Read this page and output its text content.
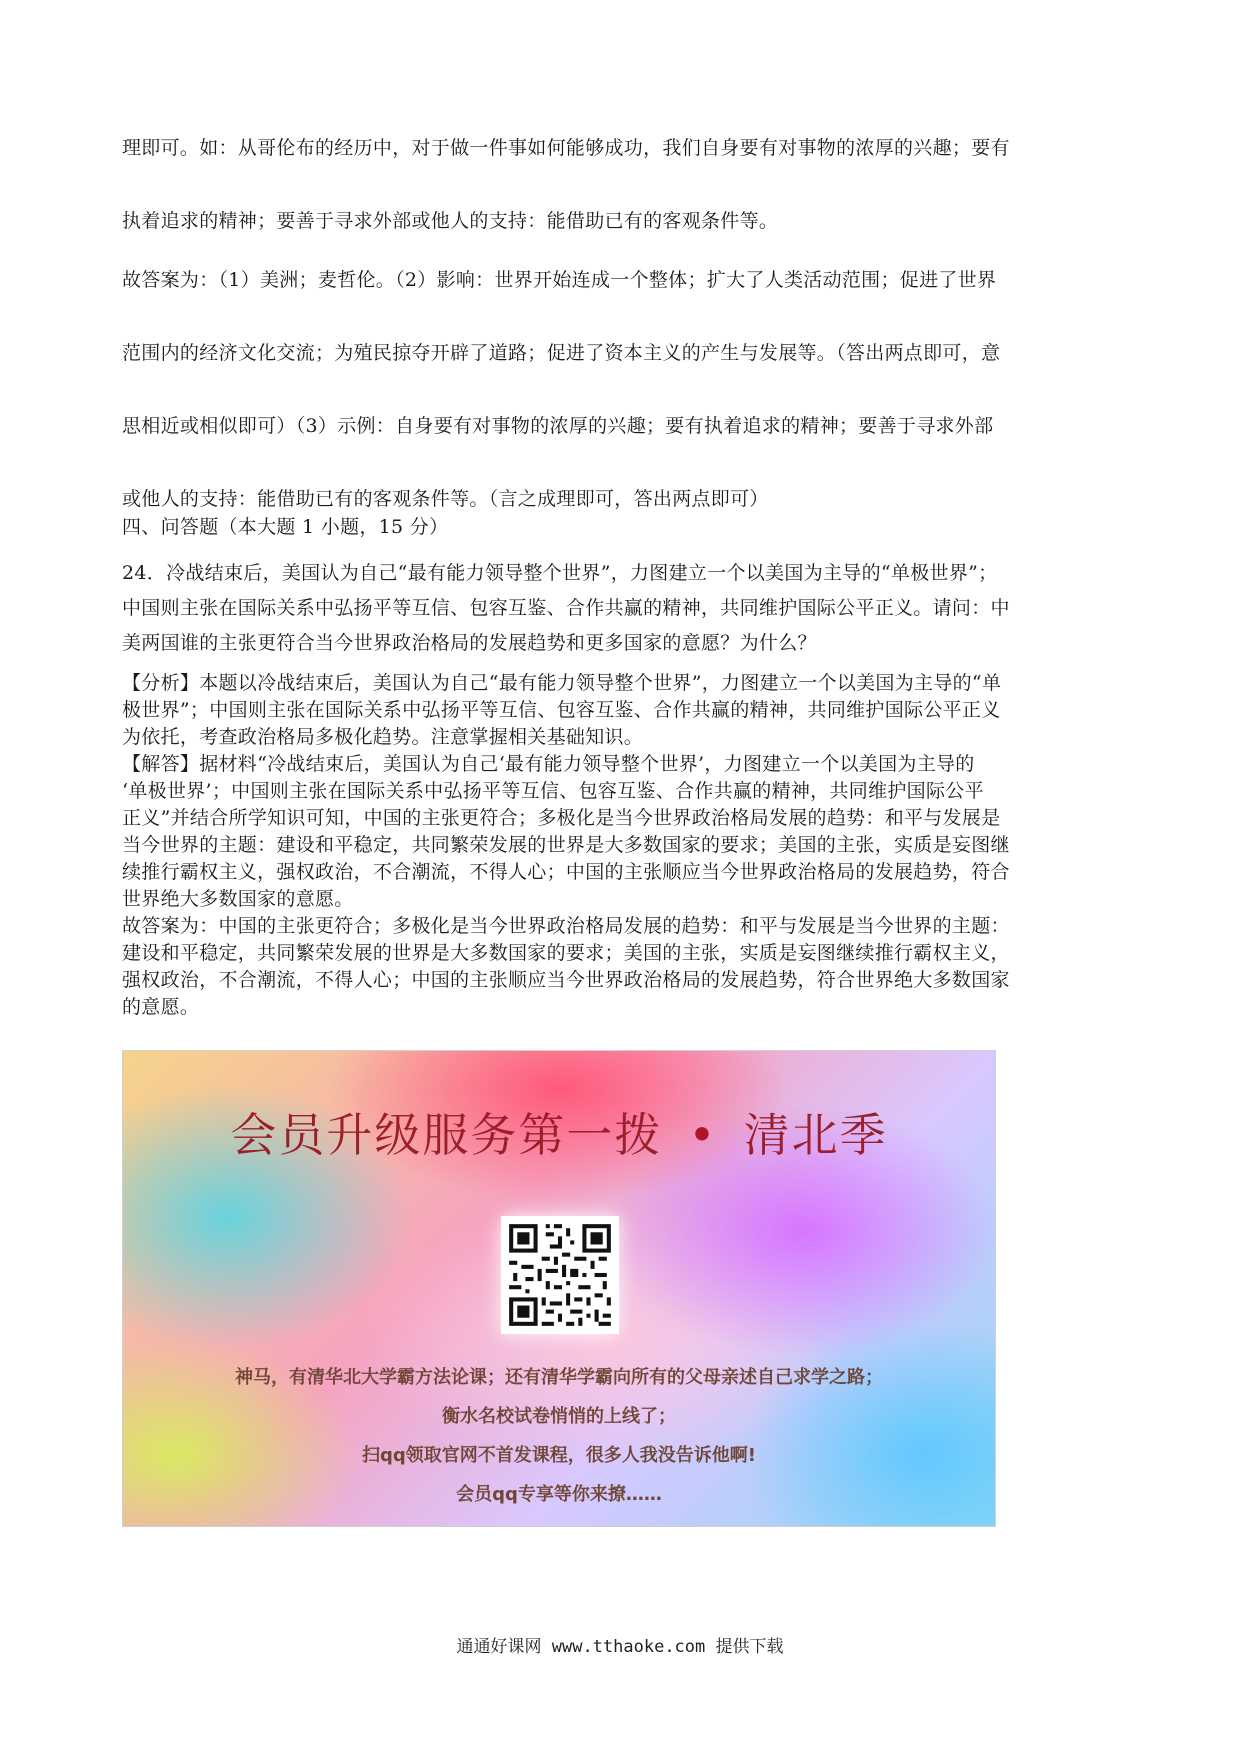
理即可。如：从哥伦布的经历中，对于做一件事如何能够成功，我们自身要有对事物的浓厚的兴趣；要有
执着追求的精神；要善于寻求外部或他人的支持：能借助已有的客观条件等。
故答案为：（1）美洲；麦哲伦。（2）影响：世界开始连成一个整体；扩大了人类活动范围；促进了世界
范围内的经济文化交流；为殖民掠夺开辟了道路；促进了资本主义的产生与发展等。（答出两点即可，意
思相近或相似即可）（3）示例：自身要有对事物的浓厚的兴趣；要有执着追求的精神；要善于寻求外部
或他人的支持：能借助已有的客观条件等。（言之成理即可，答出两点即可）

四、问答题（本大题 1 小题，15 分）

24．冷战结束后，美国认为自己“最有能力领导整个世界”，力图建立一个以美国为主导的“单极世界”；
中国则主张在国际关系中弘扬平等互信、包容互鉴、合作共赢的精神，共同维护国际公平正义。请问：中
美两国谁的主张更符合当今世界政治格局的发展趋势和更多国家的意愿？为什么？
【分析】本题以冷战结束后，美国认为自己“最有能力领导整个世界”，力图建立一个以美国为主导的“单
极世界”；中国则主张在国际关系中弘扬平等互信、包容互鉴、合作共赢的精神，共同维护国际公平正义
为依托，考查政治格局多极化趋势。注意掌握相关基础知识。
【解答】据材料“冷战结束后，美国认为自己‘最有能力领导整个世界’，力图建立一个以美国为主导的
‘单极世界’；中国则主张在国际关系中弘扬平等互信、包容互鉴、合作共赢的精神，共同维护国际公平
正义”并结合所学知识可知，中国的主张更符合；多极化是当今世界政治格局发展的趋势：和平与发展是
当今世界的主题：建设和平稳定，共同繁荣发展的世界是大多数国家的要求；美国的主张，实质是妄图继
续推行霸权主义，强权政治，不合潮流，不得人心；中国的主张顺应当今世界政治格局的发展趋势，符合
世界绝大多数国家的意愿。
故答案为：中国的主张更符合；多极化是当今世界政治格局发展的趋势：和平与发展是当今世界的主题：
建设和平稳定，共同繁荣发展的世界是大多数国家的要求；美国的主张，实质是妄图继续推行霸权主义，
强权政治，不合潮流，不得人心；中国的主张顺应当今世界政治格局的发展趋势，符合世界绝大多数国家
的意愿。
会员升级服务第一拨 • 清北季
神马，有清华北大学霸方法论课；还有清华学霸向所有的父母亲述自己求学之路；
衡水名校试卷悄悄的上线了；
扫qq领取官网不首发课程，很多人我没告诉他啊!
会员qq专享等你来撩……
通通好课网 www.tthaoke.com 提供下载
